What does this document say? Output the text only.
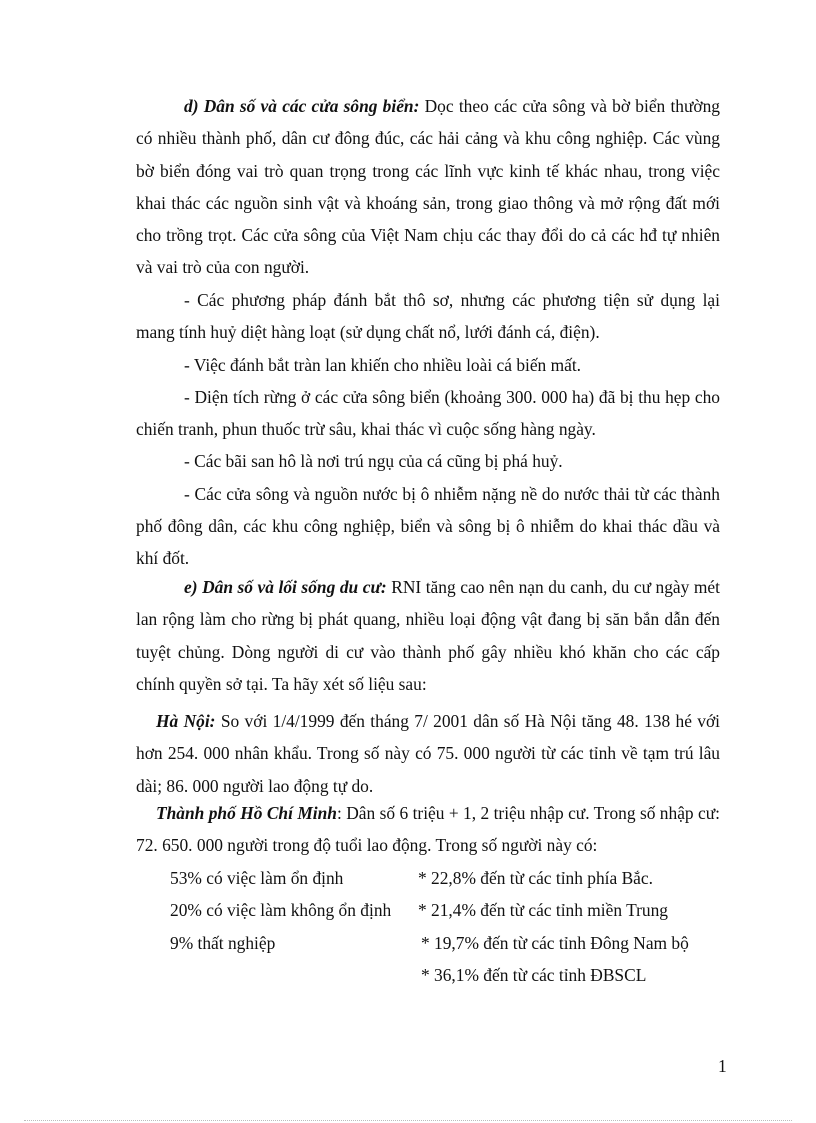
d) Dân số và các cửa sông biển: Dọc theo các cửa sông và bờ biển thường có nhiều thành phố, dân cư đông đúc, các hải cảng và khu công nghiệp. Các vùng bờ biển đóng vai trò quan trọng trong các lĩnh vực kinh tế khác nhau, trong việc khai thác các nguồn sinh vật và khoáng sản, trong giao thông và mở rộng đất mới cho trồng trọt. Các cửa sông của Việt Nam chịu các thay đổi do cả các hđ tự nhiên và vai trò của con người.

- Các phương pháp đánh bắt thô sơ, nhưng các phương tiện sử dụng lại mang tính huỷ diệt hàng loạt (sử dụng chất nổ, lưới đánh cá, điện).

- Việc đánh bắt tràn lan khiến cho nhiều loài cá biến mất.

- Diện tích rừng ở các cửa sông biển (khoảng 300. 000 ha) đã bị thu hẹp cho chiến tranh, phun thuốc trừ sâu, khai thác vì cuộc sống hàng ngày.

- Các bãi san hô là nơi trú ngụ của cá cũng bị phá huỷ.

- Các cửa sông và nguồn nước bị ô nhiễm nặng nề do nước thải từ các thành phố đông dân, các khu công nghiệp, biển và sông bị ô nhiễm do khai thác dầu và khí đốt.

e) Dân số và lối sống du cư: RNI tăng cao nên nạn du canh, du cư ngày mét lan rộng làm cho rừng bị phát quang, nhiều loại động vật đang bị săn bắn dẫn đến tuyệt chủng. Dòng người di cư vào thành phố gây nhiều khó khăn cho các cấp chính quyền sở tại. Ta hãy xét số liệu sau:

Hà Nội: So với 1/4/1999 đến tháng 7/ 2001 dân số Hà Nội tăng 48. 138 hé với hơn 254. 000 nhân khẩu. Trong số này có 75. 000 người từ các tỉnh về tạm trú lâu dài; 86. 000 người lao động tự do.

Thành phố Hồ Chí Minh: Dân số 6 triệu + 1, 2 triệu nhập cư. Trong số nhập cư: 72. 650. 000 người trong độ tuổi lao động. Trong số người này có:

53% có việc làm ổn định	* 22,8% đến từ các tỉnh phía Bắc.
20% có việc làm không ổn định * 21,4% đến từ các tỉnh miền Trung
9% thất nghiệp	* 19,7% đến từ các tỉnh Đông Nam bộ
* 36,1% đến từ các tỉnh ĐBSCL
1
